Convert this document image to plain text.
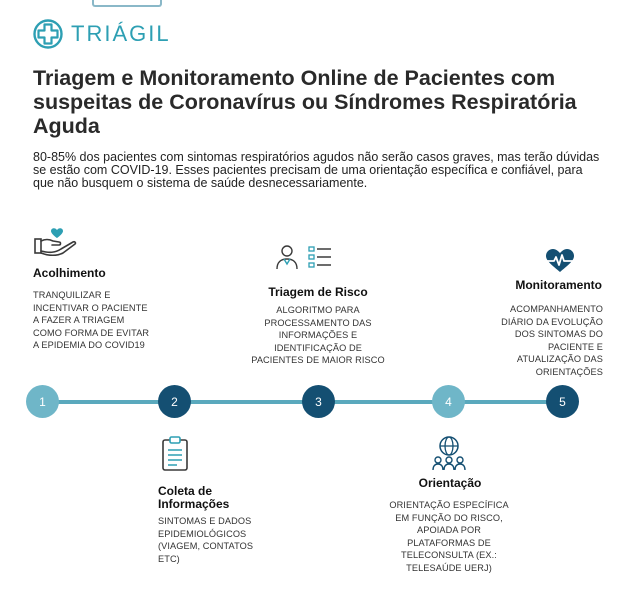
TRIÁGIL
Triagem e Monitoramento Online de Pacientes com suspeitas de Coronavírus ou Síndromes Respiratória Aguda
80-85% dos pacientes com sintomas respiratórios agudos não serão casos graves, mas terão dúvidas se estão com COVID-19. Esses pacientes precisam de uma orientação específica e confiável, para que não busquem o sistema de saúde desnecessariamente.
Acolhimento
TRANQUILIZAR E INCENTIVAR O PACIENTE A FAZER A TRIAGEM COMO FORMA DE EVITAR A EPIDEMIA DO COVID19
Triagem de Risco
ALGORITMO PARA PROCESSAMENTO DAS INFORMAÇÕES E IDENTIFICAÇÃO DE PACIENTES DE MAIOR RISCO
Monitoramento
ACOMPANHAMENTO DIÁRIO DA EVOLUÇÃO DOS SINTOMAS DO PACIENTE E ATUALIZAÇÃO DAS ORIENTAÇÕES
1	2	3	4	5
Coleta de Informações
SINTOMAS E DADOS EPIDEMIOLÓGICOS (VIAGEM, CONTATOS ETC)
Orientação
ORIENTAÇÃO ESPECÍFICA EM FUNÇÃO DO RISCO, APOIADA POR PLATAFORMAS DE TELECONSULTA (EX.: TELESAÚDE UERJ)
